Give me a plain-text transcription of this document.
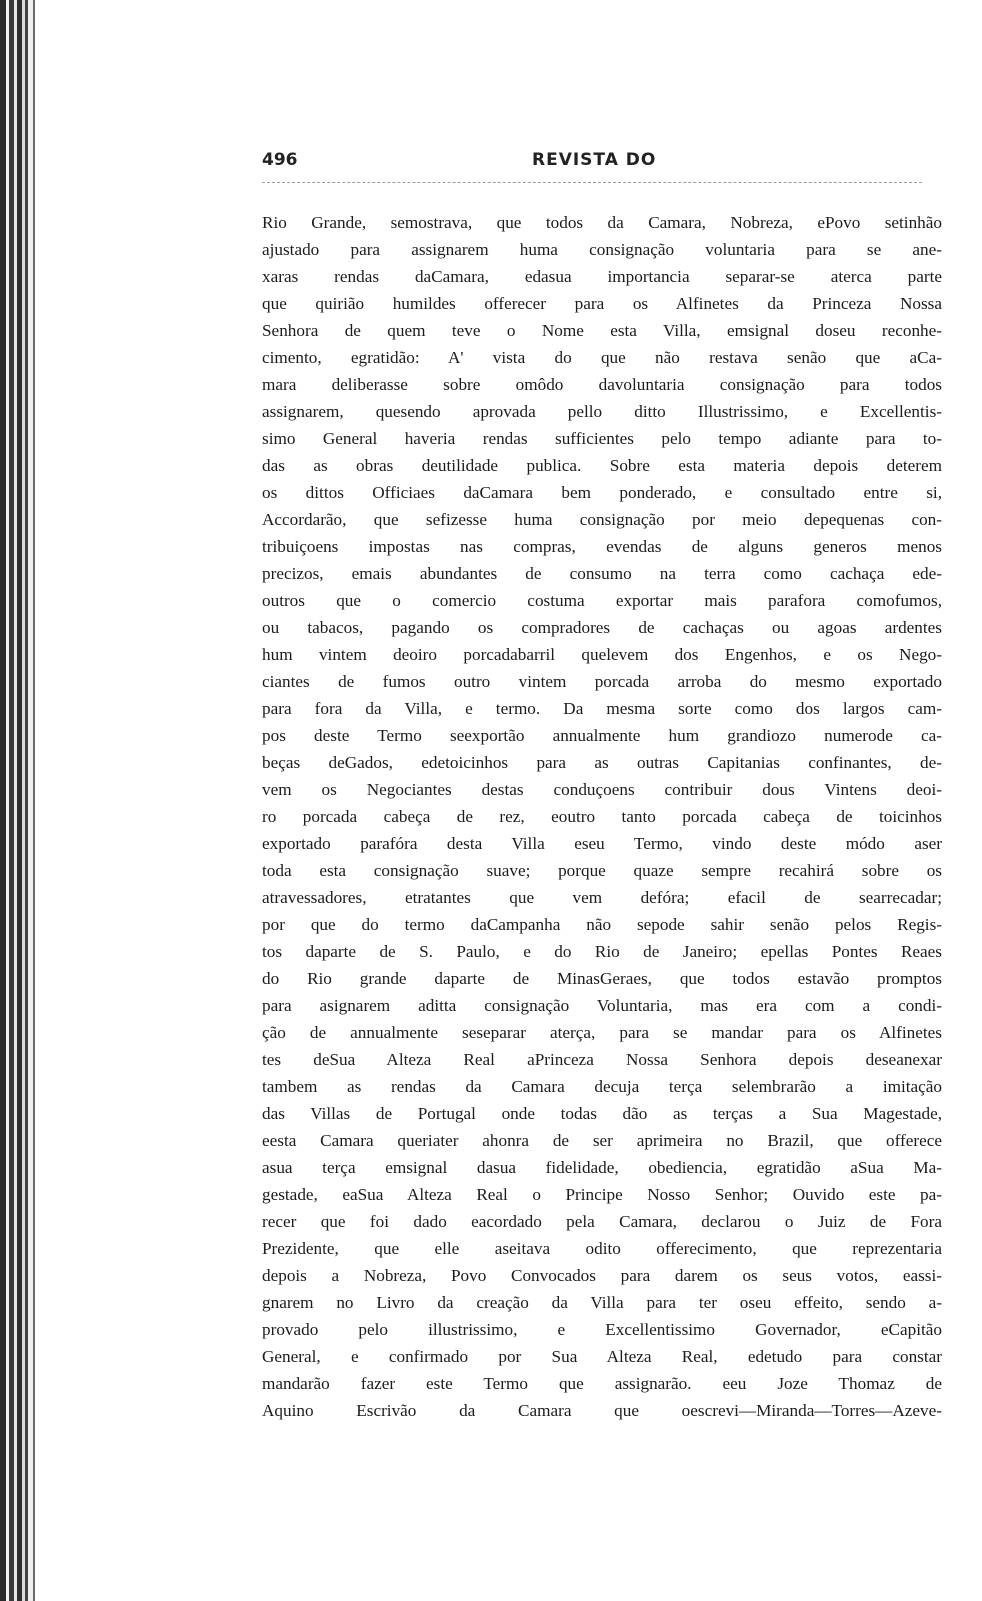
496	REVISTA DO
Rio Grande, semostrava, que todos da Camara, Nobreza, ePovo setinhão
ajustado para assignarem huma consignação voluntaria para se ane-
xaras rendas daCamara, edasua importancia separar-se aterca parte
que quirião humildes offerecer para os Alfinetes da Princeza Nossa
Senhora de quem teve o Nome esta Villa, emsignal doseu reconhe-
cimento, egratidão: A' vista do que não restava senão que aCa-
mara deliberasse sobre omôdo davoluntaria consignação para todos
assignarem, quesendo aprovada pello ditto Illustrissimo, e Excellentis-
simo General haveria rendas sufficientes pelo tempo adiante para to-
das as obras deutilidade publica. Sobre esta materia depois deterem
os dittos Officiaes daCamara bem ponderado, e consultado entre si,
Accordarão, que sefizesse huma consignação por meio depequenas con-
tribuiçoens impostas nas compras, evendas de alguns generos menos
precizos, emais abundantes de consumo na terra como cachaça ede-
outros que o comercio costuma exportar mais parafora comofumos,
ou tabacos, pagando os compradores de cachaças ou agoas ardentes
hum vintem deoiro porcadabarril quelevem dos Engenhos, e os Nego-
ciantes de fumos outro vintem porcada arroba do mesmo exportado
para fora da Villa, e termo. Da mesma sorte como dos largos cam-
pos deste Termo seexportão annualmente hum grandiozo numerode ca-
beças deGados, edetoicinhos para as outras Capitanias confinantes, de-
vem os Negociantes destas conduçoens contribuir dous Vintens deoi-
ro porcada cabeça de rez, eoutro tanto porcada cabeça de toicinhos
exportado parafóra desta Villa eseu Termo, vindo deste módo aser
toda esta consignação suave; porque quaze sempre recahirá sobre os
atravessadores, etratantes que vem defóra; efacil de searrecadar;
por que do termo daCampanha não sepode sahir senão pelos Regis-
tos daparte de S. Paulo, e do Rio de Janeiro; epellas Pontes Reaes
do Rio grande daparte de MinasGeraes, que todos estavão promptos
para asignarem aditta consignação Voluntaria, mas era com a condi-
ção de annualmente seseparar aterça, para se mandar para os Alfinetes
tes deSua Alteza Real aPrinceza Nossa Senhora depois deseanexar
tambem as rendas da Camara decuja terça selembrarão a imitação
das Villas de Portugal onde todas dão as terças a Sua Magestade,
eesta Camara queriater ahonra de ser aprimeira no Brazil, que offerece
asua terça emsignal dasua fidelidade, obediencia, egratidão aSua Ma-
gestade, eaSua Alteza Real o Principe Nosso Senhor; Ouvido este pa-
recer que foi dado eacordado pela Camara, declarou o Juiz de Fora
Prezidente, que elle aseitava odito offerecimento, que reprezentaria
depois a Nobreza, Povo Convocados para darem os seus votos, eassi-
gnarem no Livro da creação da Villa para ter oseu effeito, sendo a-
provado pelo illustrissimo, e Excellentissimo Governador, eCapitão
General, e confirmado por Sua Alteza Real, edetudo para constar
mandarão fazer este Termo que assignarão. eeu Joze Thomaz de
Aquino Escrivão da Camara que oescrevi—Miranda—Torres—Azeve-
